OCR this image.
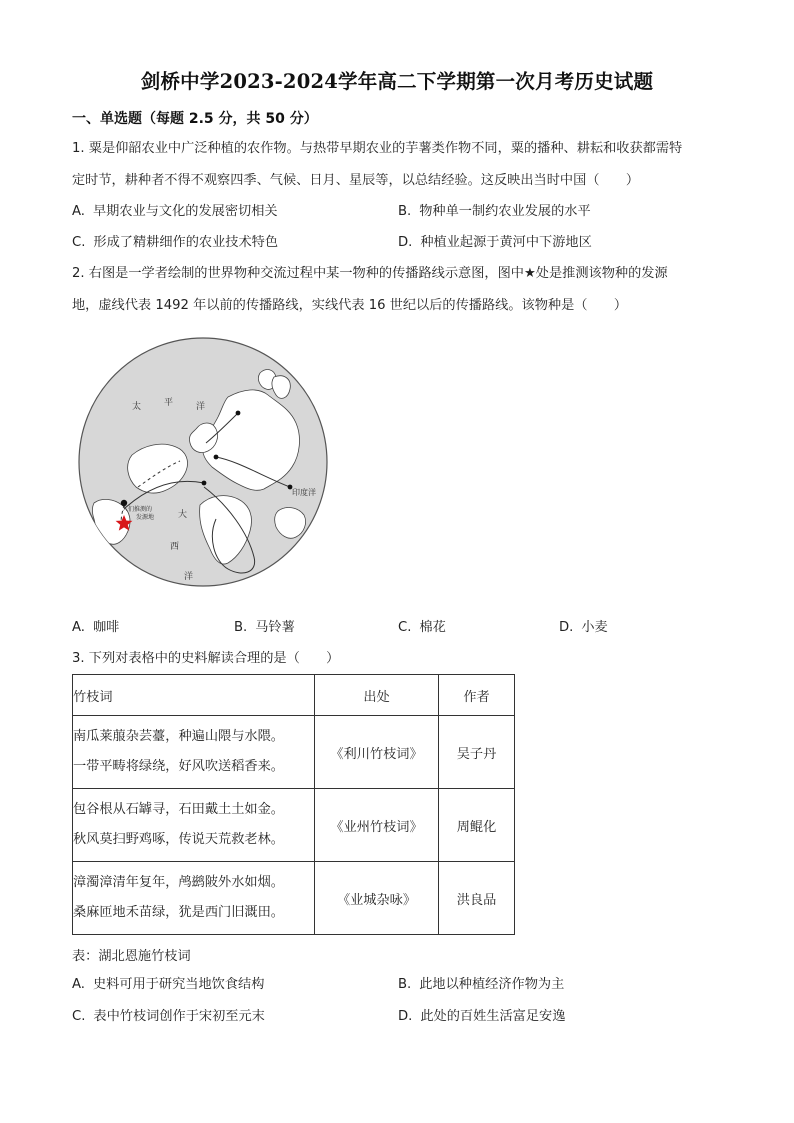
剑桥中学2023-2024学年高二下学期第一次月考历史试题
一、单选题（每题 2.5 分，共 50 分）
1. 粟是仰韶农业中广泛种植的农作物。与热带早期农业的芋薯类作物不同，粟的播种、耕耘和收获都需特
定时节，耕种者不得不观察四季、气候、日月、星辰等，以总结经验。这反映出当时中国（　　）
A. 早期农业与文化的发展密切相关	B. 物种单一制约农业发展的水平
C. 形成了精耕细作的农业技术特色	D. 种植业起源于黄河中下游地区
2. 右图是一学者绘制的世界物种交流过程中某一物种的传播路线示意图，图中★处是推测该物种的发源
地，虚线代表 1492 年以前的传播路线，实线代表 16 世纪以后的传播路线。该物种是（　　）
太	平	洋
大
西
洋
印度洋
人们推测的
发源地
A. 咖啡	B. 马铃薯	C. 棉花	D. 小麦
3. 下列对表格中的史料解读合理的是（　　）
竹枝词	出处	作者

南瓜莱菔杂芸薹，种遍山隈与水隈。
一带平畴将绿绕，好风吹送稻香来。	《利川竹枝词》	吴子丹

包谷根从石罅寻，石田戴土土如金。
秋风莫扫野鸡啄，传说天荒救老林。	《业州竹枝词》	周鲲化

漳濁漳清年复年，鸬鹚陂外水如烟。
桑麻匝地禾苗绿，犹是西门旧溉田。	《业城杂咏》	洪良品
表：湖北恩施竹枝词
A. 史料可用于研究当地饮食结构	B. 此地以种植经济作物为主
C. 表中竹枝词创作于宋初至元末	D. 此处的百姓生活富足安逸
